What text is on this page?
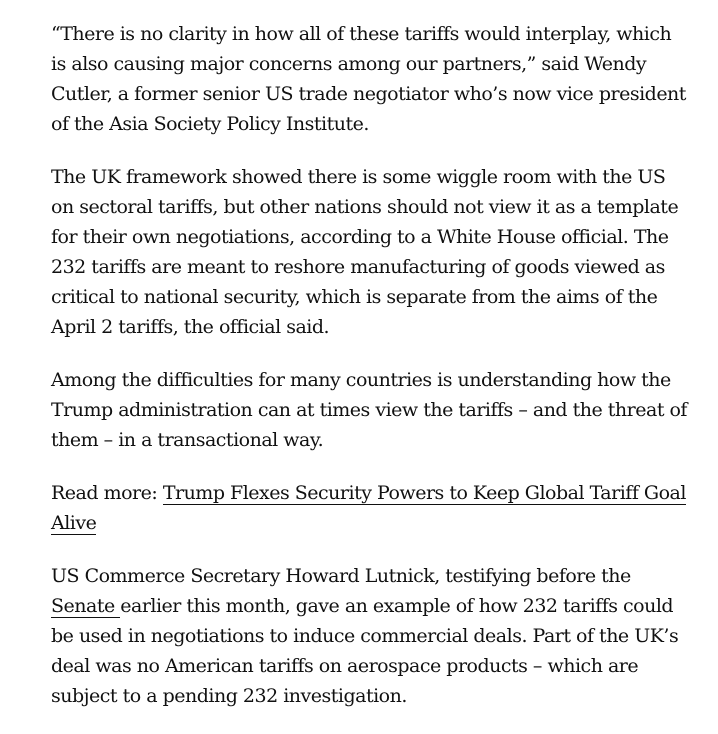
“There is no clarity in how all of these tariffs would interplay, which is also causing major concerns among our partners,” said Wendy Cutler, a former senior US trade negotiator who’s now vice president of the Asia Society Policy Institute.

The UK framework showed there is some wiggle room with the US on sectoral tariffs, but other nations should not view it as a template for their own negotiations, according to a White House official. The 232 tariffs are meant to reshore manufacturing of goods viewed as critical to national security, which is separate from the aims of the April 2 tariffs, the official said.

Among the difficulties for many countries is understanding how the Trump administration can at times view the tariffs – and the threat of them – in a transactional way.

Read more: Trump Flexes Security Powers to Keep Global Tariff Goal Alive

US Commerce Secretary Howard Lutnick, testifying before the Senate earlier this month, gave an example of how 232 tariffs could be used in negotiations to induce commercial deals. Part of the UK’s deal was no American tariffs on aerospace products – which are subject to a pending 232 investigation.
